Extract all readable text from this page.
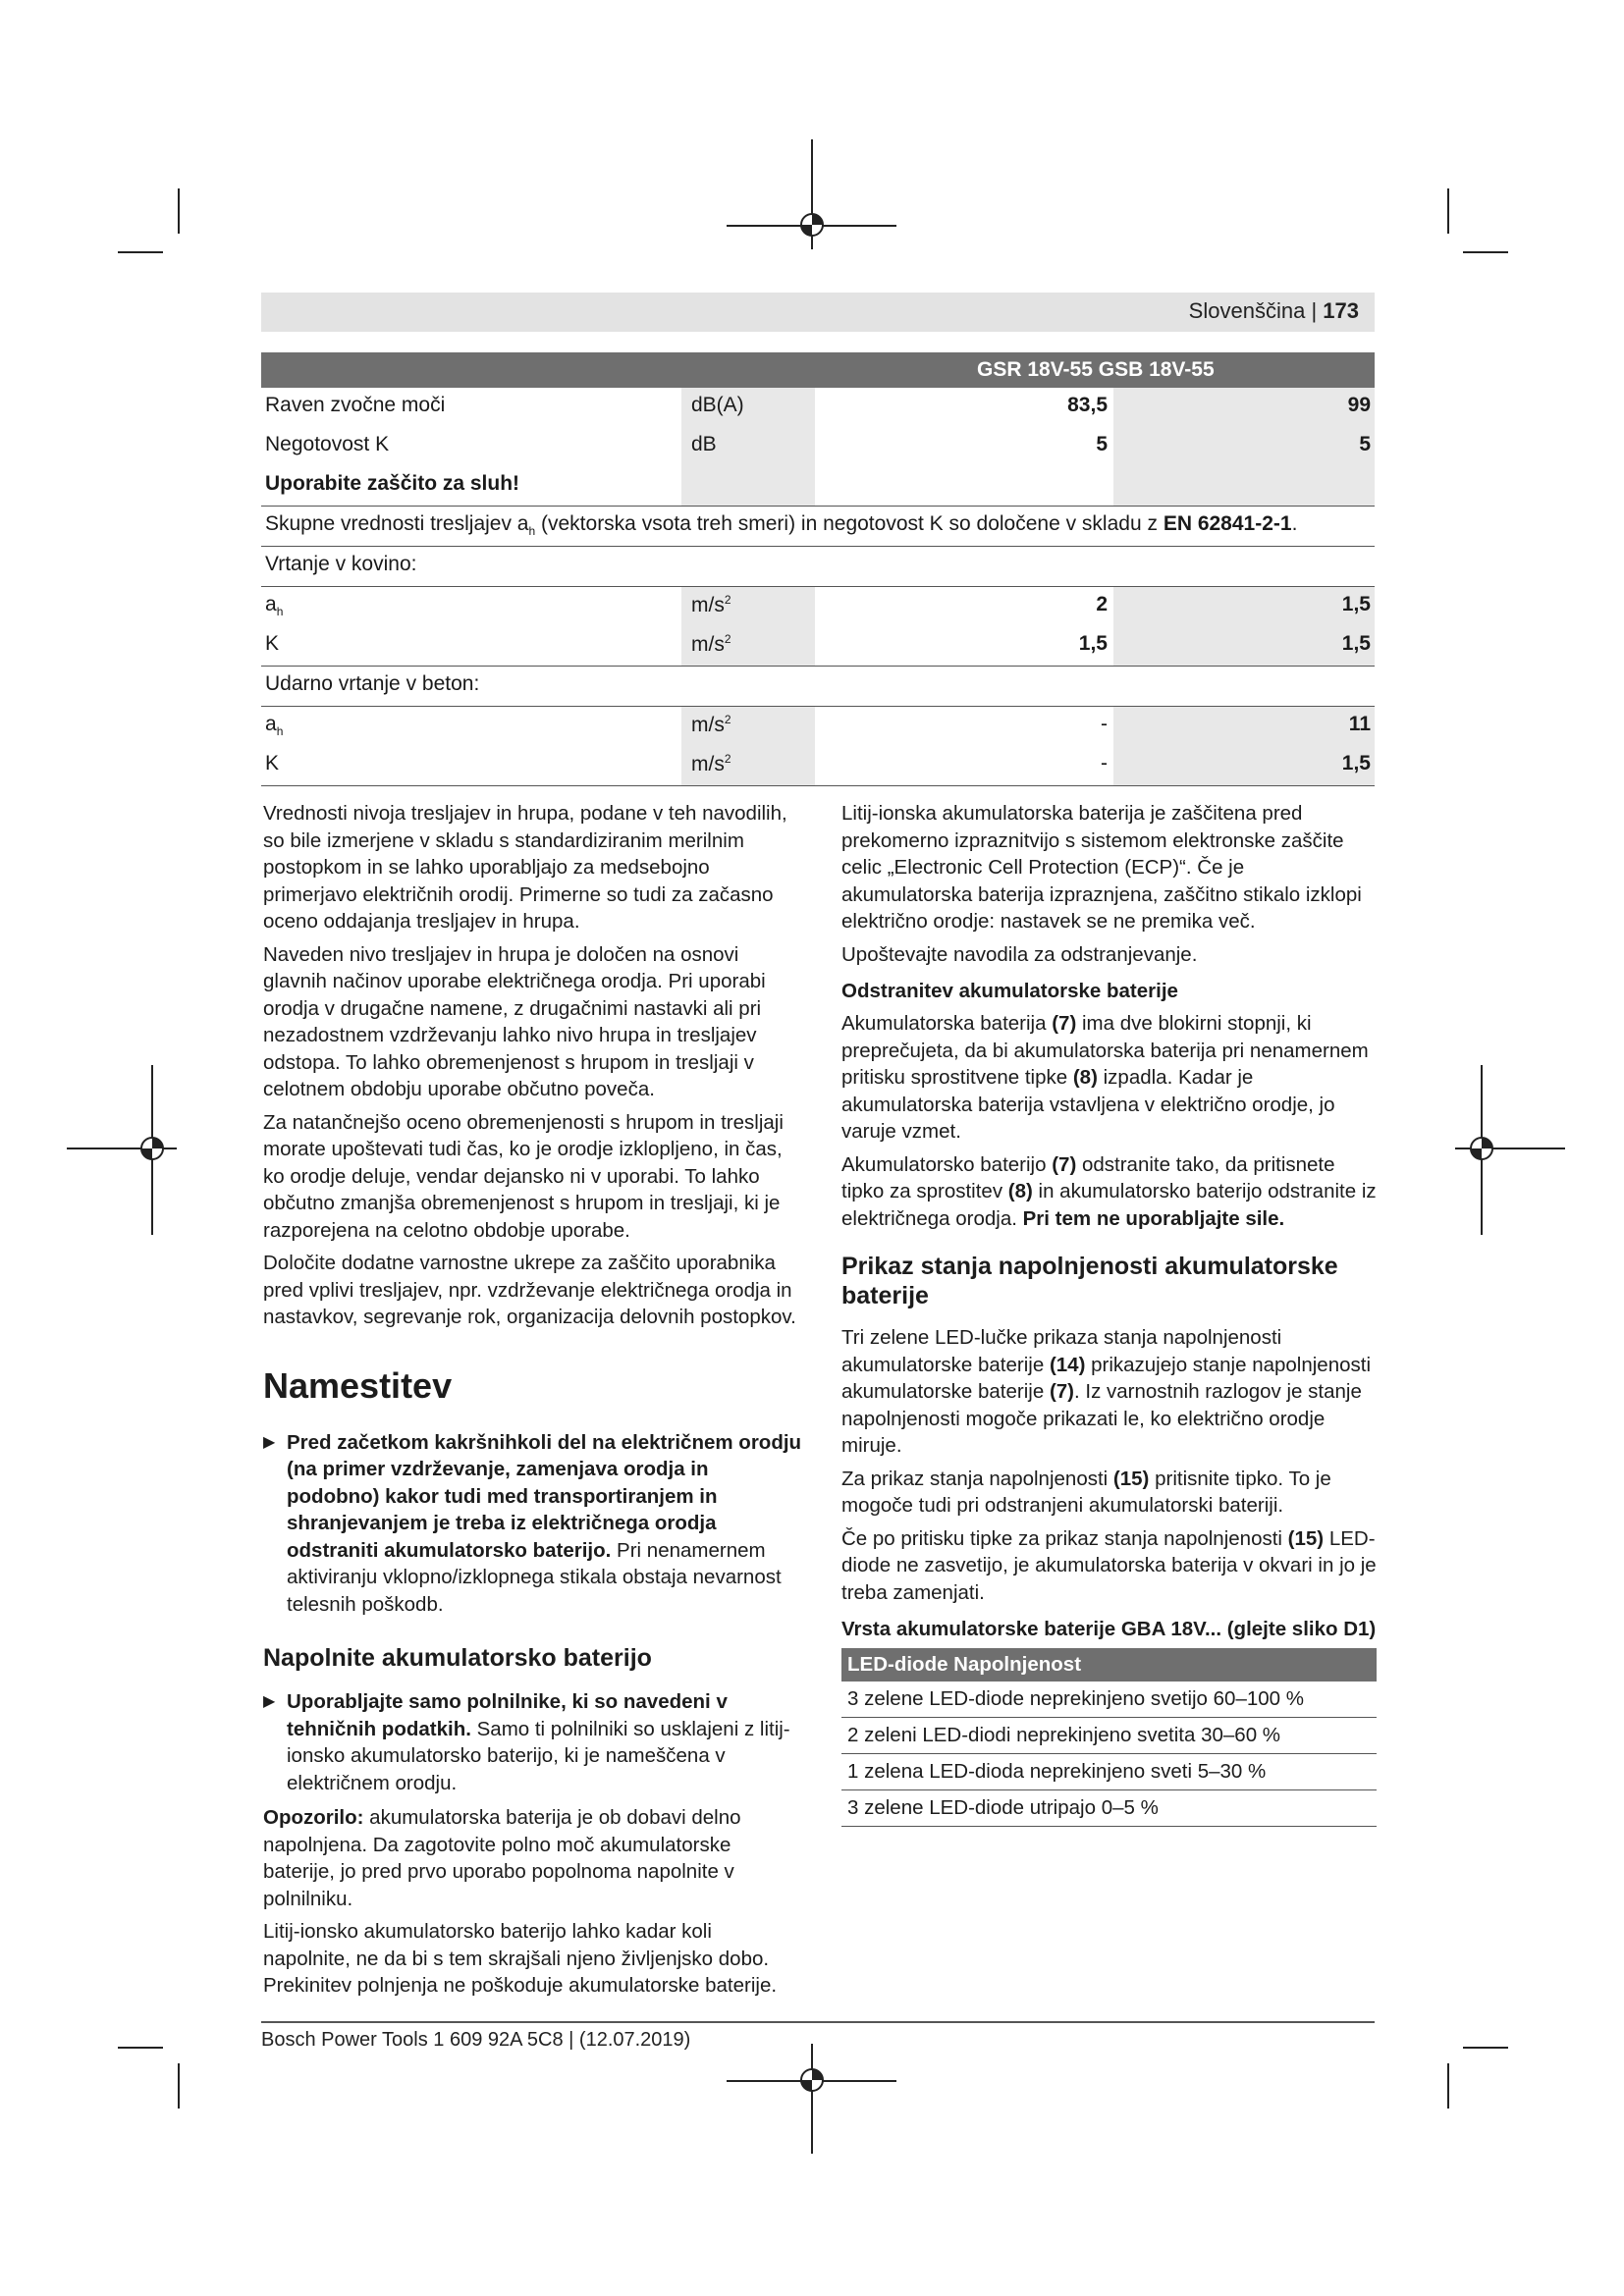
Slovenščina | 173
GSR 18V-55 GSB 18V-55
Raven zvočne moči	dB(A)	83,5	99
Negotovost K	dB	5	5
Uporabite zaščito za sluh!
Skupne vrednosti tresljajev $a_h$ (vektorska vsota treh smeri) in negotovost K so določene v skladu z EN 62841-2-1.
Vrtanje v kovino:
$a_h$	$m/s^2$	2	1,5
K	$m/s^2$	1,5	1,5
Udarno vrtanje v beton:
$a_h$	$m/s^2$	-	11
K	$m/s^2$	-	1,5

Vrednosti nivoja tresljajev in hrupa, podane v teh navodilih, so bile izmerjene v skladu s standardiziranim merilnim postopkom in se lahko uporabljajo za medsebojno primerjavo električnih orodij. Primerne so tudi za začasno oceno oddajanja tresljajev in hrupa.

Naveden nivo tresljajev in hrupa je določen na osnovi glavnih načinov uporabe električnega orodja. Pri uporabi orodja v drugačne namene, z drugačnimi nastavki ali pri nezadostnem vzdrževanju lahko nivo hrupa in tresljajev odstopa. To lahko obremenjenost s hrupom in tresljaji v celotnem obdobju uporabe občutno poveča.

Za natančnejšo oceno obremenjenosti s hrupom in tresljaji morate upoštevati tudi čas, ko je orodje izklopljeno, in čas, ko orodje deluje, vendar dejansko ni v uporabi. To lahko občutno zmanjša obremenjenost s hrupom in tresljaji, ki je razporejena na celotno obdobje uporabe.

Določite dodatne varnostne ukrepe za zaščito uporabnika pred vplivi tresljajev, npr. vzdrževanje električnega orodja in nastavkov, segrevanje rok, organizacija delovnih postopkov.

Namestitev
▶ Pred začetkom kakršnihkoli del na električnem orodju (na primer vzdrževanje, zamenjava orodja in podobno) kakor tudi med transportiranjem in shranjevanjem je treba iz električnega orodja odstraniti akumulatorsko baterijo. Pri nenamernem aktiviranju vklopno/izklopnega stikala obstaja nevarnost telesnih poškodb.
Napolnite akumulatorsko baterijo
▶ Uporabljajte samo polnilnike, ki so navedeni v tehničnih podatkih. Samo ti polnilniki so usklajeni z litij-ionsko akumulatorsko baterijo, ki je nameščena v električnem orodju.

Opozorilo: akumulatorska baterija je ob dobavi delno napolnjena. Da zagotovite polno moč akumulatorske baterije, jo pred prvo uporabo popolnoma napolnite v polnilniku.

Litij-ionsko akumulatorsko baterijo lahko kadar koli napolnite, ne da bi s tem skrajšali njeno življenjsko dobo. Prekinitev polnjenja ne poškoduje akumulatorske baterije.

Litij-ionska akumulatorska baterija je zaščitena pred prekomerno izpraznitvijo s sistemom elektronske zaščite celic „Electronic Cell Protection (ECP)“. Če je akumulatorska baterija izpraznjena, zaščitno stikalo izklopi električno orodje: nastavek se ne premika več.

Upoštevajte navodila za odstranjevanje.

Odstranitev akumulatorske baterije

Akumulatorska baterija (7) ima dve blokirni stopnji, ki preprečujeta, da bi akumulatorska baterija pri nenamernem pritisku sprostitvene tipke (8) izpadla. Kadar je akumulatorska baterija vstavljena v električno orodje, jo varuje vzmet.

Akumulatorsko baterijo (7) odstranite tako, da pritisnete tipko za sprostitev (8) in akumulatorsko baterijo odstranite iz električnega orodja. Pri tem ne uporabljajte sile.

Prikaz stanja napolnjenosti akumulatorske baterije

Tri zelene LED-lučke prikaza stanja napolnjenosti akumulatorske baterije (14) prikazujejo stanje napolnjenosti akumulatorske baterije (7). Iz varnostnih razlogov je stanje napolnjenosti mogoče prikazati le, ko električno orodje miruje.

Za prikaz stanja napolnjenosti (15) pritisnite tipko. To je mogoče tudi pri odstranjeni akumulatorski bateriji.

Če po pritisku tipke za prikaz stanja napolnjenosti (15) LED-diode ne zasvetijo, je akumulatorska baterija v okvari in jo je treba zamenjati.

Vrsta akumulatorske baterije GBA 18V... (glejte sliko D1)
LED-diode Napolnjenost
3 zelene LED-diode neprekinjeno svetijo 60–100 %
2 zeleni LED-diodi neprekinjeno svetita 30–60 %
1 zelena LED-dioda neprekinjeno sveti 5–30 %
3 zelene LED-diode utripajo 0–5 %
Bosch Power Tools 1 609 92A 5C8 | (12.07.2019)
